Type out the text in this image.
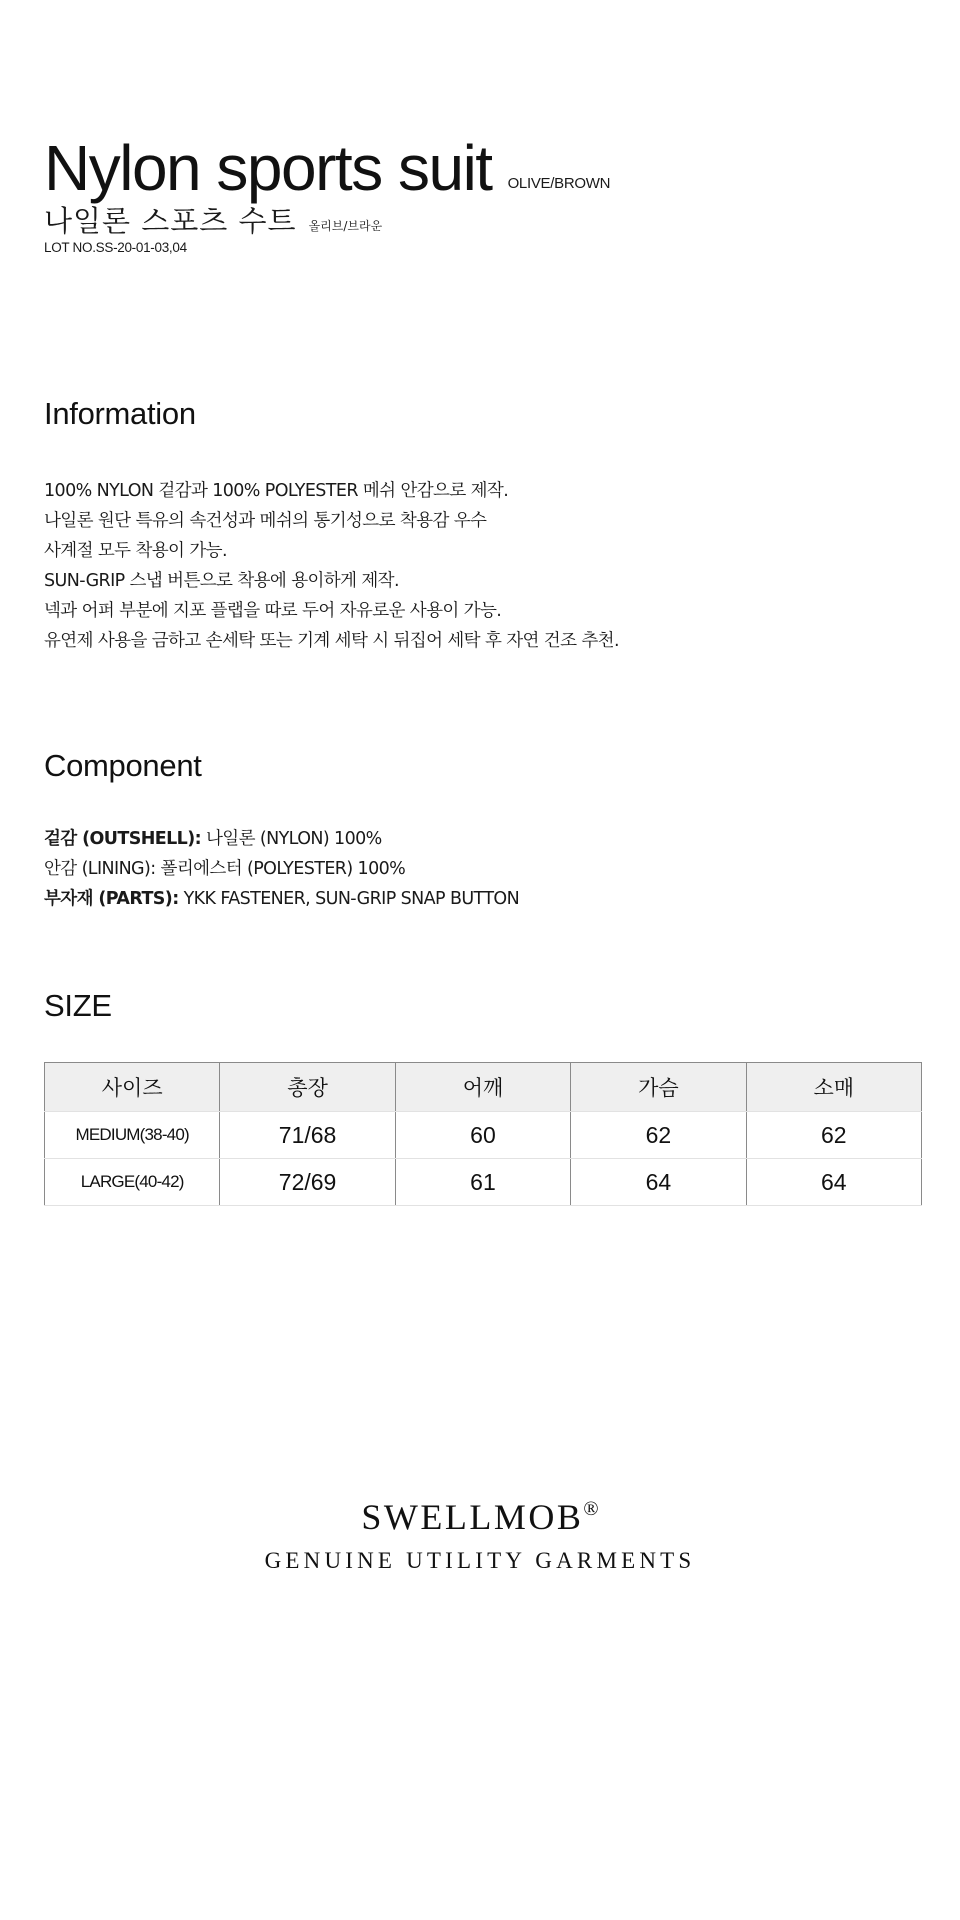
Nylon sports suit OLIVE/BROWN
나일론 스포츠 수트 올리브/브라운
LOT NO.SS-20-01-03,04
Information
100% NYLON 겉감과 100% POLYESTER 메쉬 안감으로 제작.
나일론 원단 특유의 속건성과 메쉬의 통기성으로 착용감 우수
사계절 모두 착용이 가능.
SUN-GRIP 스냅 버튼으로 착용에 용이하게 제작.
넥과 어퍼 부분에 지포 플랩을 따로 두어 자유로운 사용이 가능.
유연제 사용을 금하고 손세탁 또는 기계 세탁 시 뒤집어 세탁 후 자연 건조 추천.
Component
겉감 (OUTSHELL): 나일론 (NYLON) 100%
안감 (LINING): 폴리에스터 (POLYESTER) 100%
부자재 (PARTS): YKK FASTENER, SUN-GRIP SNAP BUTTON
SIZE
사이즈	총장	어깨	가슴	소매
MEDIUM(38-40)	71/68	60	62	62
LARGE(40-42)	72/69	61	64	64
SWELLMOB®
GENUINE UTILITY GARMENTS
